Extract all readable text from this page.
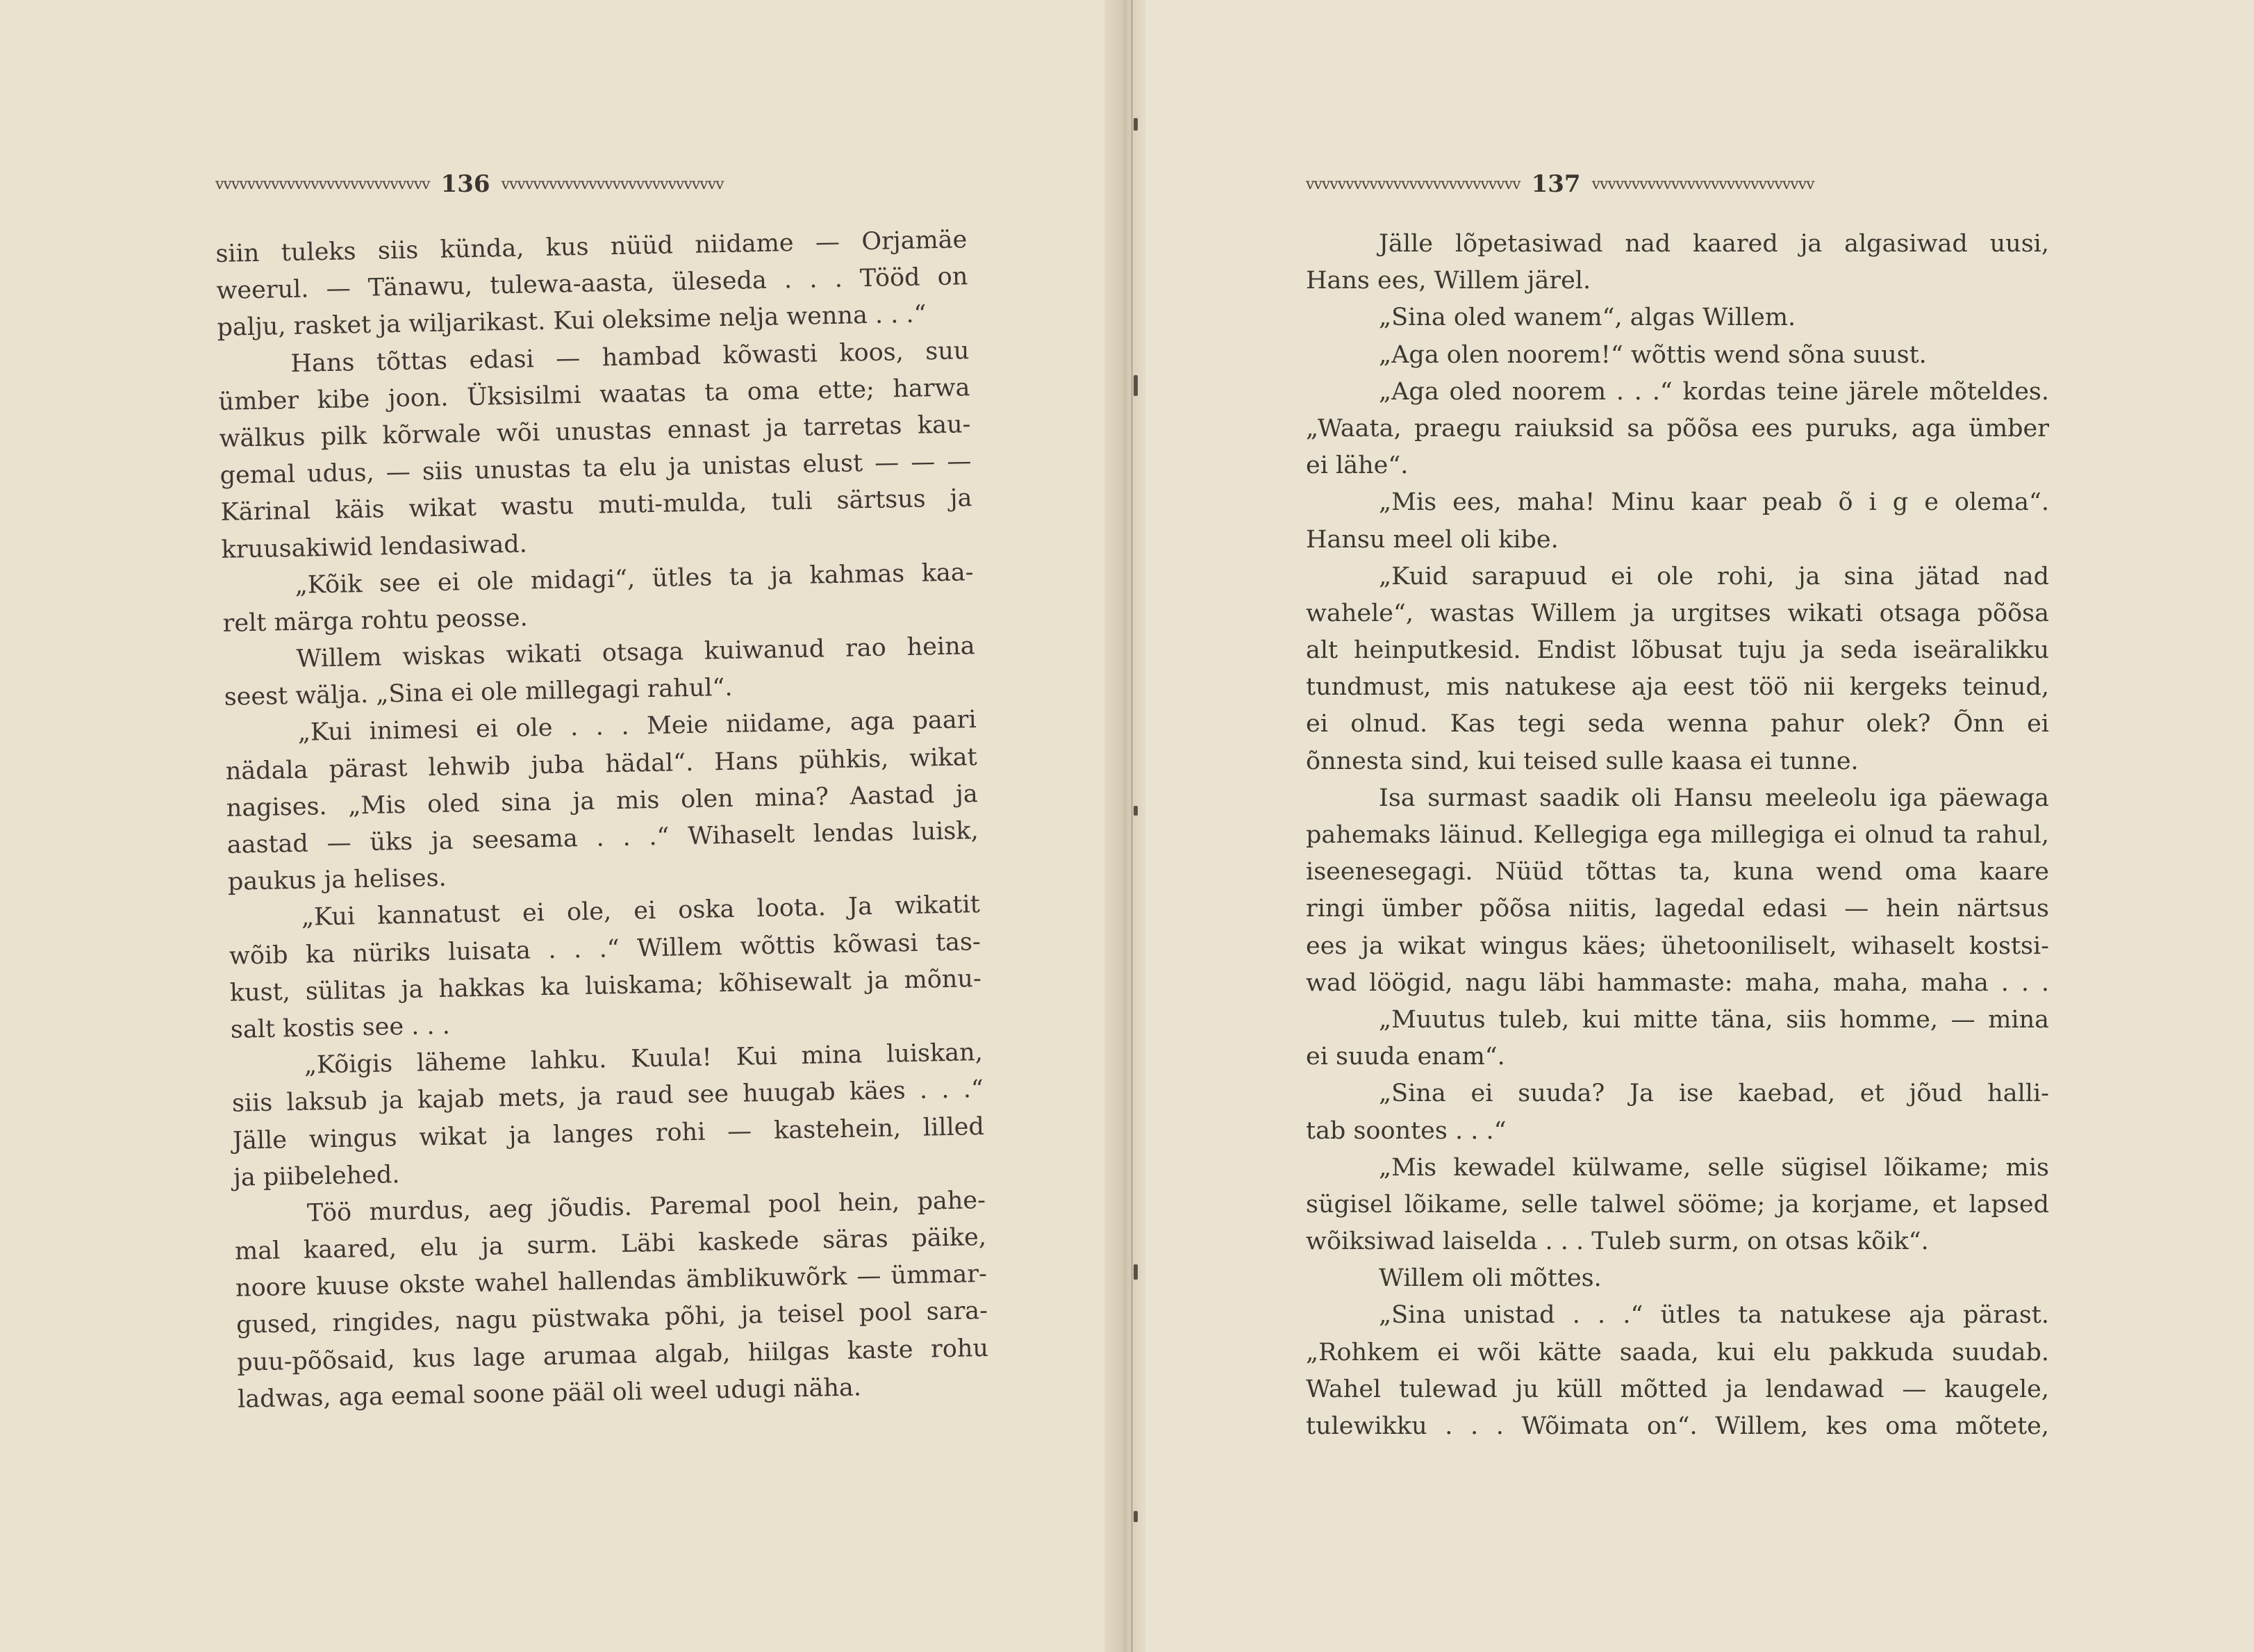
vvvvvvvvvvvvvvvvvvvvvvvvvvv 136 vvvvvvvvvvvvvvvvvvvvvvvvvvvv
siin tuleks siis künda, kus nüüd niidame — Orjamäe
weerul. — Tänawu, tulewa-aasta, üleseda . . . Tööd on
palju, rasket ja wiljarikast. Kui oleksime nelja wenna . . .“
Hans tõttas edasi — hambad kõwasti koos, suu
ümber kibe joon. Üksisilmi waatas ta oma ette; harwa
wälkus pilk kõrwale wõi unustas ennast ja tarretas kau-
gemal udus, — siis unustas ta elu ja unistas elust — — —
Kärinal käis wikat wastu muti-mulda, tuli särtsus ja
kruusakiwid lendasiwad.
„Kõik see ei ole midagi“, ütles ta ja kahmas kaa-
relt märga rohtu peosse.
Willem wiskas wikati otsaga kuiwanud rao heina
seest wälja. „Sina ei ole millegagi rahul“.
„Kui inimesi ei ole . . . Meie niidame, aga paari
nädala pärast lehwib juba hädal“. Hans pühkis, wikat
nagises. „Mis oled sina ja mis olen mina? Aastad ja
aastad — üks ja seesama . . .“ Wihaselt lendas luisk,
paukus ja helises.
„Kui kannatust ei ole, ei oska loota. Ja wikatit
wõib ka nüriks luisata . . .“ Willem wõttis kõwasi tas-
kust, sülitas ja hakkas ka luiskama; kõhisewalt ja mõnu-
salt kostis see . . .
„Kõigis läheme lahku. Kuula! Kui mina luiskan,
siis laksub ja kajab mets, ja raud see huugab käes . . .“
Jälle wingus wikat ja langes rohi — kastehein, lilled
ja piibelehed.
Töö murdus, aeg jõudis. Paremal pool hein, pahe-
mal kaared, elu ja surm. Läbi kaskede säras päike,
noore kuuse okste wahel hallendas ämblikuwõrk — ümmar-
gused, ringides, nagu püstwaka põhi, ja teisel pool sara-
puu-põõsaid, kus lage arumaa algab, hiilgas kaste rohu
ladwas, aga eemal soone pääl oli weel udugi näha.
vvvvvvvvvvvvvvvvvvvvvvvvvvv 137 vvvvvvvvvvvvvvvvvvvvvvvvvvvv
Jälle lõpetasiwad nad kaared ja algasiwad uusi,
Hans ees, Willem järel.
„Sina oled wanem“, algas Willem.
„Aga olen noorem!“ wõttis wend sõna suust.
„Aga oled noorem . . .“ kordas teine järele mõteldes.
„Waata, praegu raiuksid sa põõsa ees puruks, aga ümber
ei lähe“.
„Mis ees, maha! Minu kaar peab õ i g e olema“.
Hansu meel oli kibe.
„Kuid sarapuud ei ole rohi, ja sina jätad nad
wahele“, wastas Willem ja urgitses wikati otsaga põõsa
alt heinputkesid. Endist lõbusat tuju ja seda iseäralikku
tundmust, mis natukese aja eest töö nii kergeks teinud,
ei olnud. Kas tegi seda wenna pahur olek? Õnn ei
õnnesta sind, kui teised sulle kaasa ei tunne.
Isa surmast saadik oli Hansu meeleolu iga päewaga
pahemaks läinud. Kellegiga ega millegiga ei olnud ta rahul,
iseenesegagi. Nüüd tõttas ta, kuna wend oma kaare
ringi ümber põõsa niitis, lagedal edasi — hein närtsus
ees ja wikat wingus käes; ühetooniliselt, wihaselt kostsi-
wad löögid, nagu läbi hammaste: maha, maha, maha . . .
„Muutus tuleb, kui mitte täna, siis homme, — mina
ei suuda enam“.
„Sina ei suuda? Ja ise kaebad, et jõud halli-
tab soontes . . .“
„Mis kewadel külwame, selle sügisel lõikame; mis
sügisel lõikame, selle talwel sööme; ja korjame, et lapsed
wõiksiwad laiselda . . . Tuleb surm, on otsas kõik“.
Willem oli mõttes.
„Sina unistad . . .“ ütles ta natukese aja pärast.
„Rohkem ei wõi kätte saada, kui elu pakkuda suudab.
Wahel tulewad ju küll mõtted ja lendawad — kaugele,
tulewikku . . . Wõimata on“. Willem, kes oma mõtete,
